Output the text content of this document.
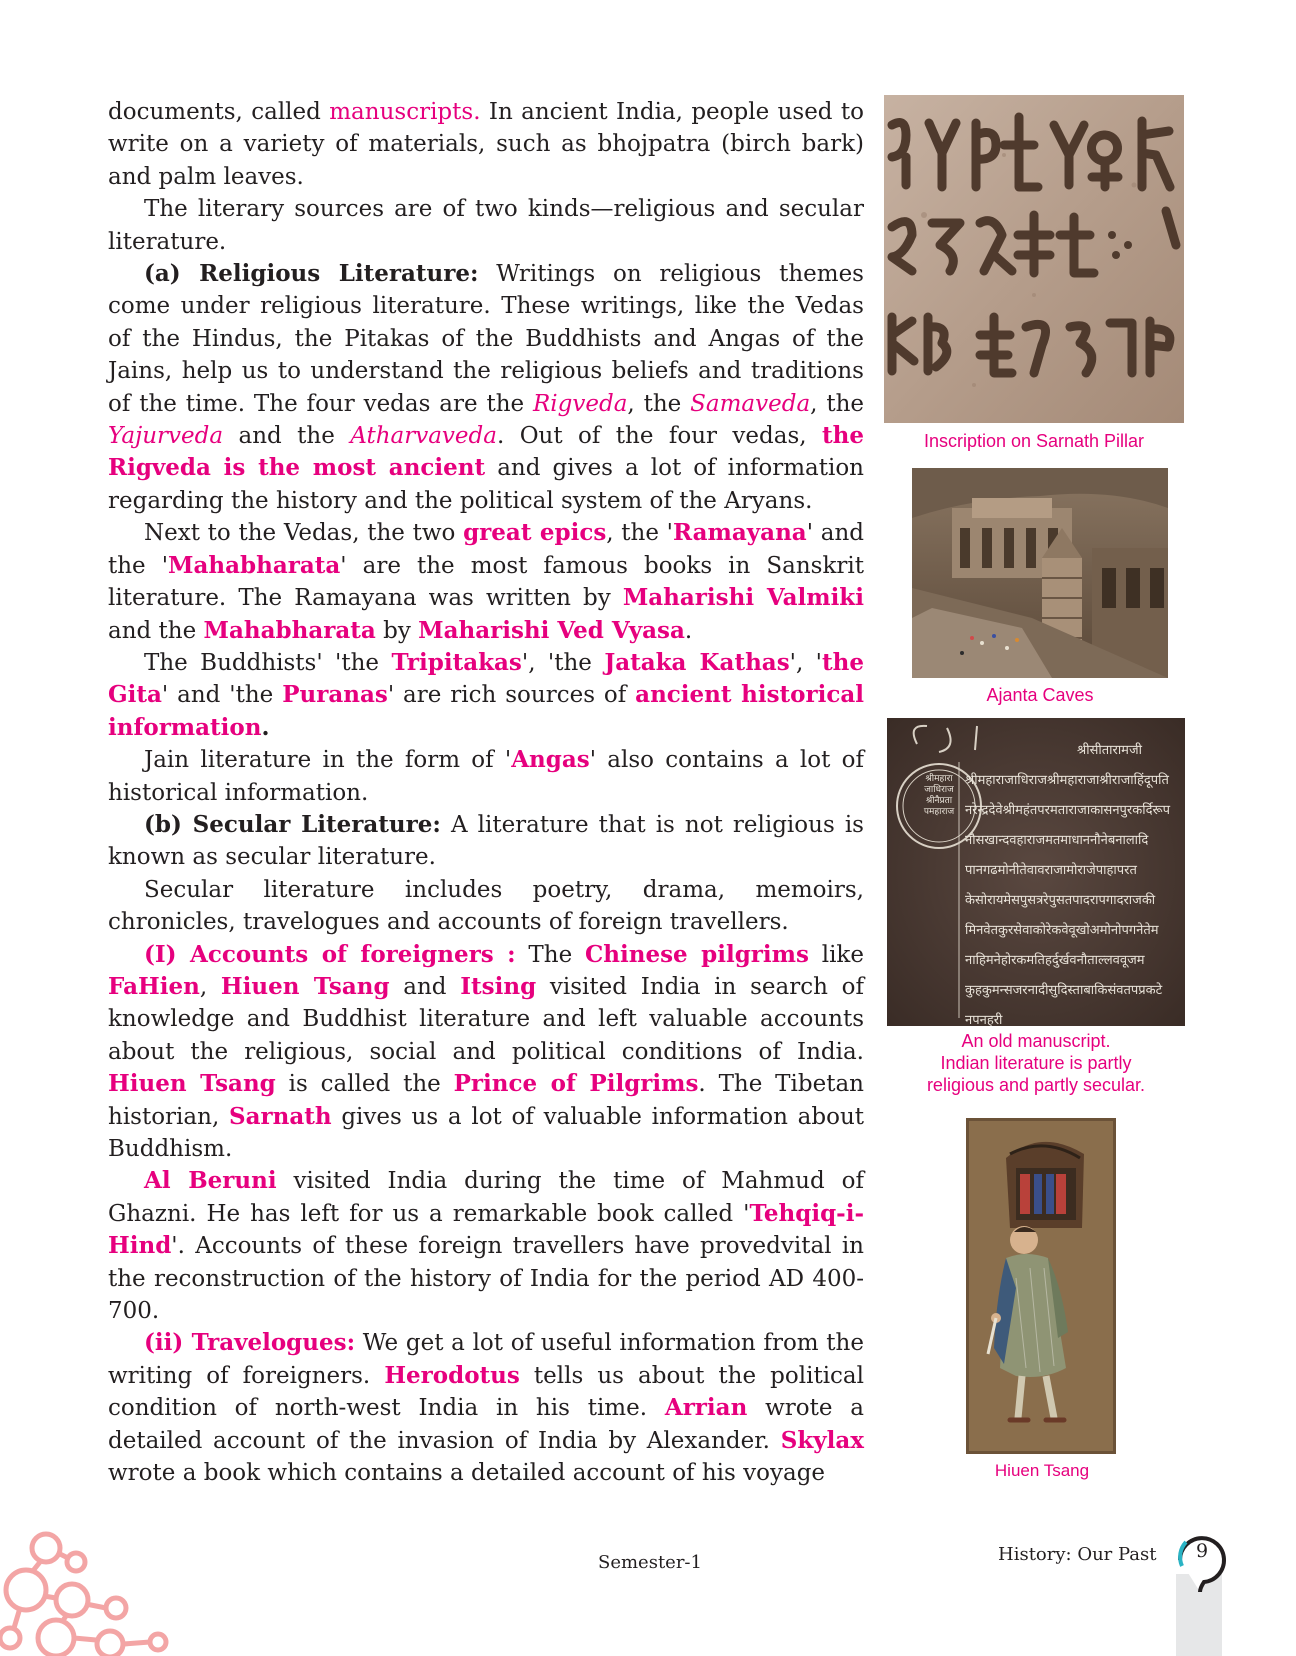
documents, called manuscripts. In ancient India, people used to write on a variety of materials, such as bhojpatra (birch bark) and palm leaves.

The literary sources are of two kinds—religious and secular literature.

(a) Religious Literature: Writings on religious themes come under religious literature. These writings, like the Vedas of the Hindus, the Pitakas of the Buddhists and Angas of the Jains, help us to understand the religious beliefs and traditions of the time. The four vedas are the Rigveda, the Samaveda, the Yajurveda and the Atharvaveda. Out of the four vedas, the Rigveda is the most ancient and gives a lot of information regarding the history and the political system of the Aryans.

Next to the Vedas, the two great epics, the 'Ramayana' and the 'Mahabharata' are the most famous books in Sanskrit literature. The Ramayana was written by Maharishi Valmiki and the Mahabharata by Maharishi Ved Vyasa.

The Buddhists' 'the Tripitakas', 'the Jataka Kathas', 'the Gita' and 'the Puranas' are rich sources of ancient historical information.

Jain literature in the form of 'Angas' also contains a lot of historical information.

(b) Secular Literature: A literature that is not religious is known as secular literature.

Secular literature includes poetry, drama, memoirs, chronicles, travelogues and accounts of foreign travellers.

(I) Accounts of foreigners : The Chinese pilgrims like FaHien, Hiuen Tsang and Itsing visited India in search of knowledge and Buddhist literature and left valuable accounts about the religious, social and political conditions of India. Hiuen Tsang is called the Prince of Pilgrims. The Tibetan historian, Sarnath gives us a lot of valuable information about Buddhism.

Al Beruni visited India during the time of Mahmud of Ghazni. He has left for us a remarkable book called 'Tehqiq-i-Hind'. Accounts of these foreign travellers have provedvital in the reconstruction of the history of India for the period AD 400-700.

(ii) Travelogues: We get a lot of useful information from the writing of foreigners. Herodotus tells us about the political condition of north-west India in his time. Arrian wrote a detailed account of the invasion of India by Alexander. Skylax wrote a book which contains a detailed account of his voyage

Inscription on Sarnath Pillar
Ajanta Caves
श्रीमहारा
जाधिराज
श्रीनैप्रता
पमहाराज
श्रीसीतारामजी
श्रीमहाराजाधिराजश्रीमहाराजाश्रीराजाहिंदूपति
नरेन्द्रदेवेश्रीमहंतपरमताराजाकासनपुरकर्दिरूप
नौसखान्दवहाराजमतमाधाननौनेबनालादि
पानगढमोनीतेवावराजामोराजेपाहापरत
केसोरायमेसपुसत्ररेपुसतपादरापगादराजकी
मिनवेतकुरसेवाकोरेकवेवूखोअमोनोपगनेतेम
नाहिमनेहोरकमतिहर्दुर्खवनौताल्लववूजम
कुहकुमन्सजरनादीसुदिस्ताबाकिसंवतपप्रकटे
नपनहरी
An old manuscript.
Indian literature is partly
religious and partly secular.
Hiuen Tsang
Semester-1	History: Our Past	9
